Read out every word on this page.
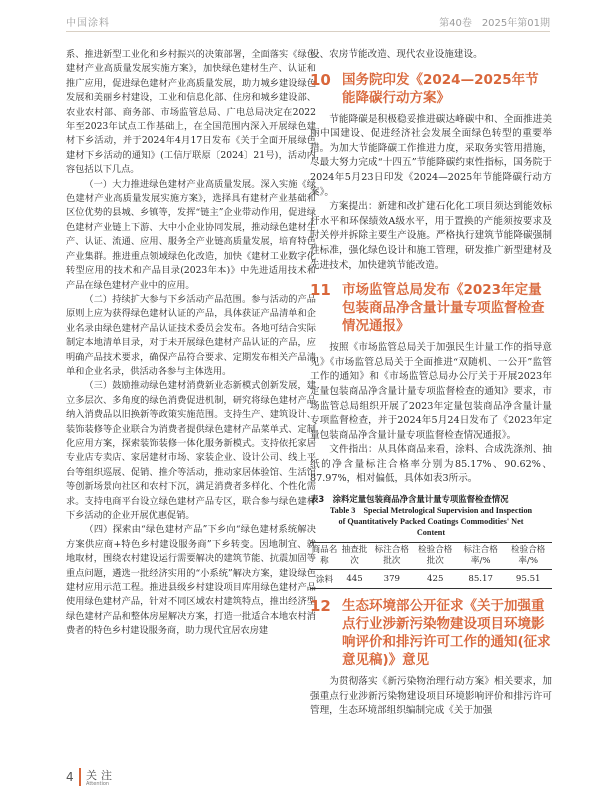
中国涂料	第40卷　2025年第01期

系、推进新型工业化和乡村振兴的决策部署，全面落实《绿色建材产业高质量发展实施方案》，加快绿色建材生产、认证和推广应用，促进绿色建材产业高质量发展，助力城乡建设绿色发展和美丽乡村建设，工业和信息化部、住房和城乡建设部、农业农村部、商务部、市场监管总局、广电总局决定在2022年至2023年试点工作基础上，在全国范围内深入开展绿色建材下乡活动，并于2024年4月17日发布《关于全面开展绿色建材下乡活动的通知》(工信厅联原〔2024〕21号)，活动内容包括以下几点。

（一）大力推进绿色建材产业高质量发展。深入实施《绿色建材产业高质量发展实施方案》，选择具有建材产业基础和区位优势的县城、乡镇等，发挥“链主”企业带动作用，促进绿色建材产业链上下游、大中小企业协同发展，推动绿色建材生产、认证、流通、应用、服务全产业链高质量发展，培育特色产业集群。推进重点领域绿色化改造，加快《建材工业数字化转型应用的技术和产品目录(2023年本)》中先进适用技术和产品在绿色建材产业中的应用。

（二）持续扩大参与下乡活动产品范围。参与活动的产品原则上应为获得绿色建材认证的产品，具体获证产品清单和企业名录由绿色建材产品认证技术委员会发布。各地可结合实际制定本地清单目录，对于未开展绿色建材产品认证的产品，应明确产品技术要求，确保产品符合要求、定期发布相关产品清单和企业名录，供活动各参与主体选用。

（三）鼓励推动绿色建材消费新业态新模式创新发展，建立多层次、多角度的绿色消费促进机制，研究将绿色建材产品纳入消费品以旧换新等政策实施范围。支持生产、建筑设计、装饰装修等企业联合为消费者提供绿色建材产品菜单式、定制化应用方案，探索装饰装修一体化服务新模式。支持依托家居专业店专卖店、家居建材市场、家装企业、设计公司、线上平台等组织巡展、促销、推介等活动，推动家居体验馆、生活馆等创新场景向社区和农村下沉，满足消费者多样化、个性化需求。支持电商平台设立绿色建材产品专区，联合参与绿色建材下乡活动的企业开展优惠促销。

（四）探索由“绿色建材产品”下乡向“绿色建材系统解决方案供应商+特色乡村建设服务商”下乡转变。因地制宜、就地取材，围绕农村建设运行需要解决的建筑节能、抗震加固等重点问题，遴选一批经济实用的“小系统”解决方案，建设绿色建材应用示范工程。推进县级乡村建设项目库用绿色建材产品使用绿色建材产品，针对不同区域农村建筑特点，推出经济型绿色建材产品和整体房屋解决方案，打造一批适合本地农村消费者的特色乡村建设服务商，助力现代宜居农房建

设、农房节能改造、现代农业设施建设。

10 国务院印发《2024—2025年节能降碳行动方案》

节能降碳是积极稳妥推进碳达峰碳中和、全面推进美丽中国建设、促进经济社会发展全面绿色转型的重要举措。为加大节能降碳工作推进力度，采取务实管用措施，尽最大努力完成“十四五”节能降碳约束性指标，国务院于2024年5月23日印发《2024—2025年节能降碳行动方案》。

方案提出：新建和改扩建石化化工项目须达到能效标杆水平和环保绩效A级水平，用于置换的产能须按要求及时关停并拆除主要生产设施。严格执行建筑节能降碳强制性标准，强化绿色设计和施工管理，研发推广新型建材及先进技术，加快建筑节能改造。

11 市场监管总局发布《2023年定量包装商品净含量计量专项监督检查情况通报》

按照《市场监管总局关于加强民生计量工作的指导意见》《市场监管总局关于全面推进“双随机、一公开”监管工作的通知》和《市场监管总局办公厅关于开展2023年定量包装商品净含量计量专项监督检查的通知》要求，市场监管总局组织开展了2023年定量包装商品净含量计量专项监督检查，并于2024年5月24日发布了《2023年定量包装商品净含量计量专项监督检查情况通报》。

文件指出：从具体商品来看，涂料、合成洗涤剂、抽纸的净含量标注合格率分别为85.17%、90.62%、87.97%，相对偏低，具体如表3所示。

表3　涂料定量包装商品净含量计量专项监督检查情况
Table 3　Special Metrological Supervision and Inspection
of Quantitatively Packed Coatings Commodities' Net
Content
商品名称	抽查批次	标注合格批次	检验合格批次	标注合格率/%	检验合格率/%
涂料	445	379	425	85.17	95.51
12 生态环境部公开征求《关于加强重点行业涉新污染物建设项目环境影响评价和排污许可工作的通知(征求意见稿)》意见

为贯彻落实《新污染物治理行动方案》相关要求，加强重点行业涉新污染物建设项目环境影响评价和排污许可管理，生态环境部组织编制完成《关于加强

4 关注
Attention
